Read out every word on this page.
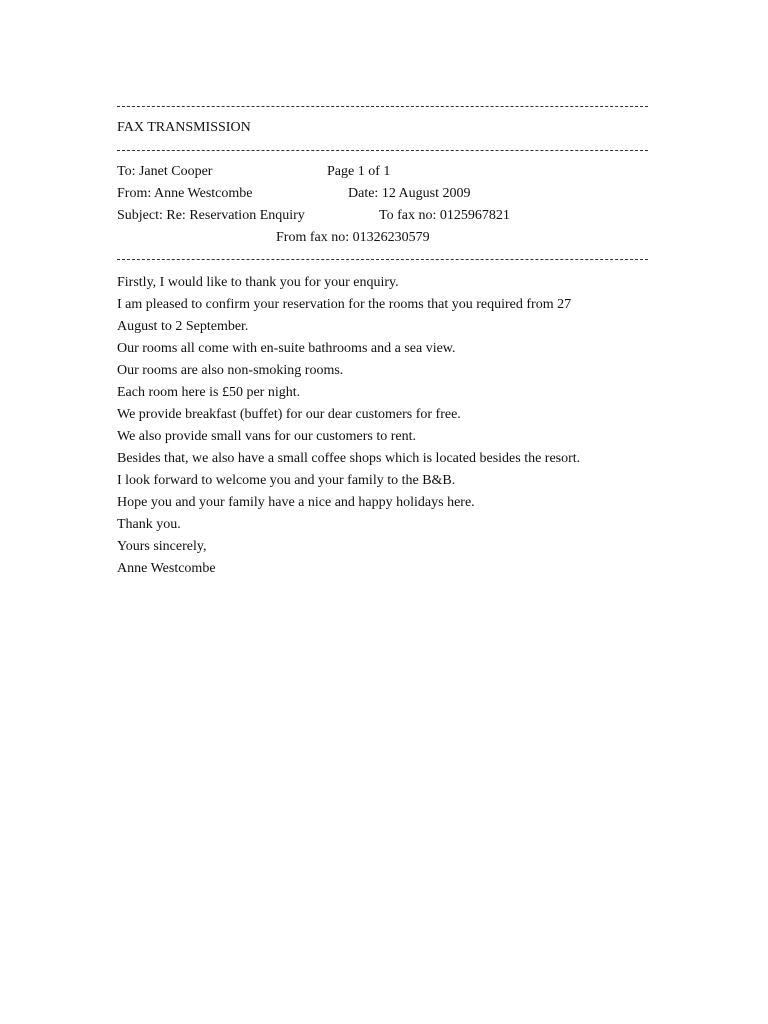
FAX TRANSMISSION
To: Janet Cooper	Page 1 of 1
From: Anne Westcombe	Date: 12 August 2009
Subject: Re: Reservation Enquiry	To fax no: 0125967821
From fax no: 01326230579

Firstly, I would like to thank you for your enquiry.

I am pleased to confirm your reservation for the rooms that you required from 27

August to 2 September.

Our rooms all come with en-suite bathrooms and a sea view.

Our rooms are also non-smoking rooms.

Each room here is £50 per night.

We provide breakfast (buffet) for our dear customers for free.

We also provide small vans for our customers to rent.

Besides that, we also have a small coffee shops which is located besides the resort.

I look forward to welcome you and your family to the B&B.

Hope you and your family have a nice and happy holidays here.

Thank you.

Yours sincerely,

Anne Westcombe
